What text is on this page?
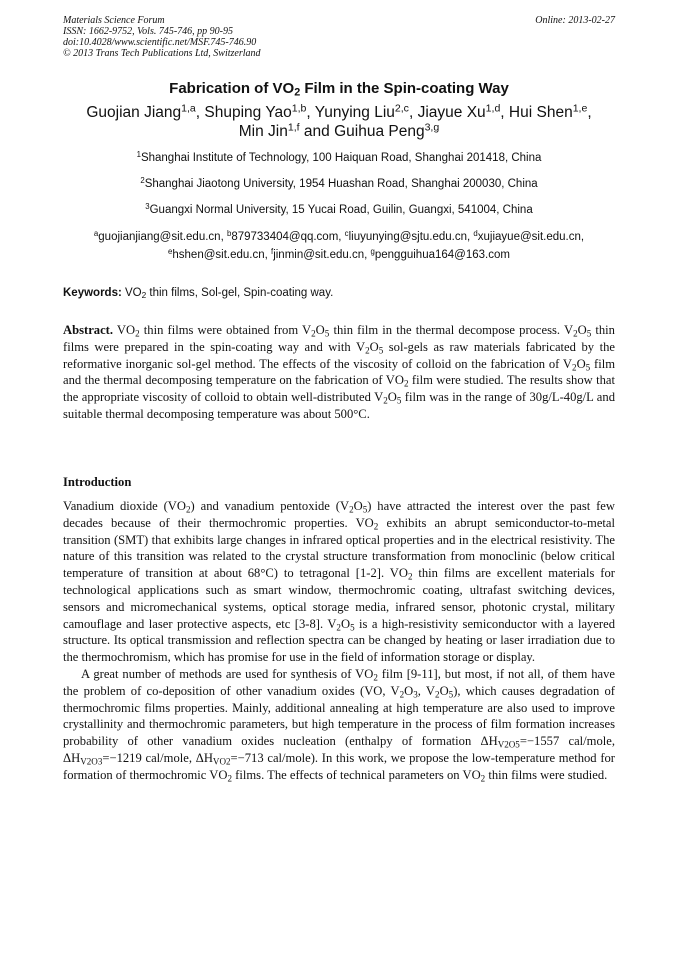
Materials Science Forum
ISSN: 1662-9752, Vols. 745-746, pp 90-95
doi:10.4028/www.scientific.net/MSF.745-746.90
© 2013 Trans Tech Publications Ltd, Switzerland
Online: 2013-02-27
Fabrication of $VO_2$ Film in the Spin-coating Way
Guojian Jiang$^{1,a}$, Shuping Yao$^{1,b}$, Yunying Liu$^{2,c}$, Jiayue Xu$^{1,d}$, Hui Shen$^{1,e}$,
Min Jin$^{1,f}$ and Guihua Peng$^{3,g}$
$^1$Shanghai Institute of Technology, 100 Haiquan Road, Shanghai 201418, China
$^2$Shanghai Jiaotong University, 1954 Huashan Road, Shanghai 200030, China
$^3$Guangxi Normal University, 15 Yucai Road, Guilin, Guangxi, 541004, China
$^a$guojianjiang@sit.edu.cn, $^b$879733404@qq.com, $^c$liuyunying@sjtu.edu.cn, $^d$xujiayue@sit.edu.cn,
$^e$hshen@sit.edu.cn, $^f$jinmin@sit.edu.cn, $^g$pengguihua164@163.com
Keywords: $VO_2$ thin films, Sol-gel, Spin-coating way.

Abstract. $VO_2$ thin films were obtained from $V_2O_5$ thin film in the thermal decompose process. $V_2O_5$ thin films were prepared in the spin-coating way and with $V_2O_5$ sol-gels as raw materials fabricated by the reformative inorganic sol-gel method. The effects of the viscosity of colloid on the fabrication of $V_2O_5$ film and the thermal decomposing temperature on the fabrication of $VO_2$ film were studied. The results show that the appropriate viscosity of colloid to obtain well-distributed $V_2O_5$ film was in the range of 30g/L-40g/L and suitable thermal decomposing temperature was about 500°C.

Introduction

Vanadium dioxide $(VO_2)$ and vanadium pentoxide $(V_2O_5)$ have attracted the interest over the past few decades because of their thermochromic properties. $VO_2$ exhibits an abrupt semiconductor-to-metal transition (SMT) that exhibits large changes in infrared optical properties and in the electrical resistivity. The nature of this transition was related to the crystal structure transformation from monoclinic (below critical temperature of transition at about 68°C) to tetragonal [1-2]. $VO_2$ thin films are excellent materials for technological applications such as smart window, thermochromic coating, ultrafast switching devices, sensors and micromechanical systems, optical storage media, infrared sensor, photonic crystal, military camouflage and laser protective aspects, etc [3-8]. $V_2O_5$ is a high-resistivity semiconductor with a layered structure. Its optical transmission and reflection spectra can be changed by heating or laser irradiation due to the thermochromism, which has promise for use in the field of information storage or display.

A great number of methods are used for synthesis of $VO_2$ film [9-11], but most, if not all, of them have the problem of co-deposition of other vanadium oxides (VO, $V_2O_3$, $V_2O_5$), which causes degradation of thermochromic films properties. Mainly, additional annealing at high temperature are also used to improve crystallinity and thermochromic parameters, but high temperature in the process of film formation increases probability of other vanadium oxides nucleation (enthalpy of formation $\Delta H_{V2O5}=-1557$ cal/mole, $\Delta H_{V2O3}=-1219$ cal/mole, $\Delta H_{VO2}=-713$ cal/mole). In this work, we propose the low-temperature method for formation of thermochromic $VO_2$ films. The effects of technical parameters on $VO_2$ thin films were studied.
